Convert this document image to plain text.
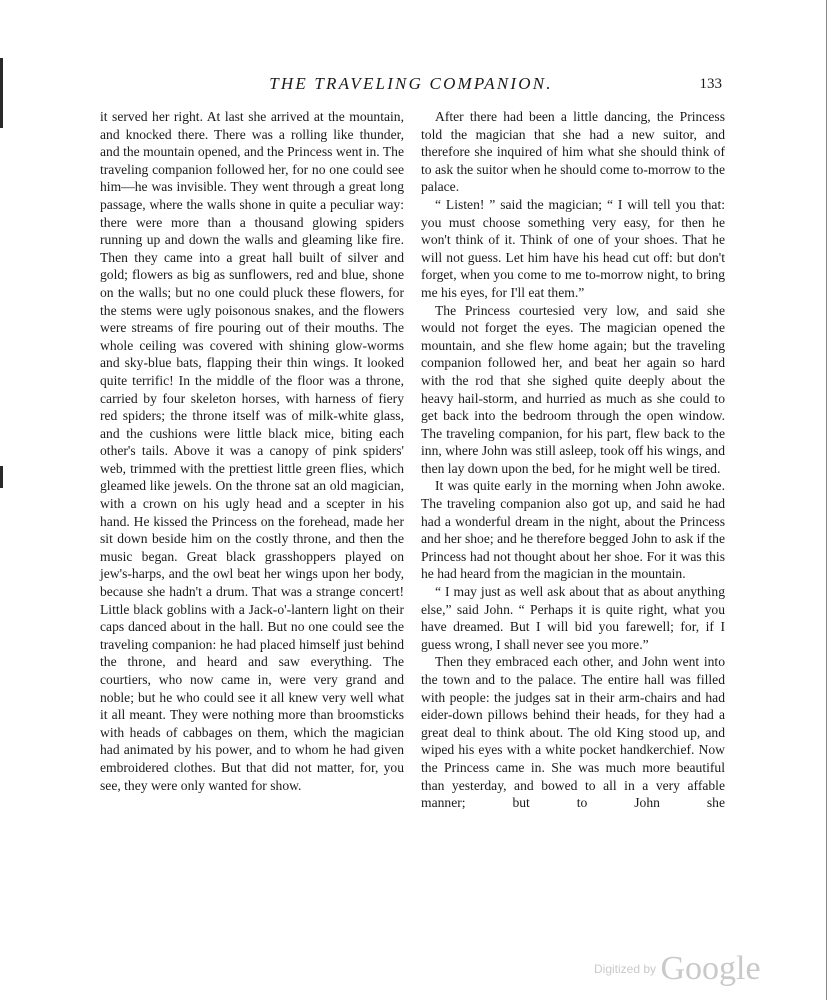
THE TRAVELING COMPANION.	133

it served her right. At last she arrived at the mountain, and knocked there. There was a rolling like thunder, and the mountain opened, and the Princess went in. The traveling companion followed her, for no one could see him—he was invisible. They went through a great long passage, where the walls shone in quite a peculiar way: there were more than a thousand glowing spiders running up and down the walls and gleaming like fire. Then they came into a great hall built of silver and gold; flowers as big as sunflowers, red and blue, shone on the walls; but no one could pluck these flowers, for the stems were ugly poisonous snakes, and the flowers were streams of fire pouring out of their mouths. The whole ceiling was covered with shining glow-worms and sky-blue bats, flapping their thin wings. It looked quite terrific! In the middle of the floor was a throne, carried by four skeleton horses, with harness of fiery red spiders; the throne itself was of milk-white glass, and the cushions were little black mice, biting each other's tails. Above it was a canopy of pink spiders' web, trimmed with the prettiest little green flies, which gleamed like jewels. On the throne sat an old magician, with a crown on his ugly head and a scepter in his hand. He kissed the Princess on the forehead, made her sit down beside him on the costly throne, and then the music began. Great black grasshoppers played on jew's-harps, and the owl beat her wings upon her body, because she hadn't a drum. That was a strange concert! Little black goblins with a Jack-o'-lantern light on their caps danced about in the hall. But no one could see the traveling companion: he had placed himself just behind the throne, and heard and saw everything. The courtiers, who now came in, were very grand and noble; but he who could see it all knew very well what it all meant. They were nothing more than broomsticks with heads of cabbages on them, which the magician had animated by his power, and to whom he had given embroidered clothes. But that did not matter, for, you see, they were only wanted for show.

After there had been a little dancing, the Princess told the magician that she had a new suitor, and therefore she inquired of him what she should think of to ask the suitor when he should come to-morrow to the palace.

“ Listen! ” said the magician; “ I will tell you that: you must choose something very easy, for then he won't think of it. Think of one of your shoes. That he will not guess. Let him have his head cut off: but don't forget, when you come to me to-morrow night, to bring me his eyes, for I'll eat them.”

The Princess courtesied very low, and said she would not forget the eyes. The magician opened the mountain, and she flew home again; but the traveling companion followed her, and beat her again so hard with the rod that she sighed quite deeply about the heavy hail-storm, and hurried as much as she could to get back into the bedroom through the open window. The traveling companion, for his part, flew back to the inn, where John was still asleep, took off his wings, and then lay down upon the bed, for he might well be tired.

It was quite early in the morning when John awoke. The traveling companion also got up, and said he had had a wonderful dream in the night, about the Princess and her shoe; and he therefore begged John to ask if the Princess had not thought about her shoe. For it was this he had heard from the magician in the mountain.

“ I may just as well ask about that as about anything else,” said John. “ Perhaps it is quite right, what you have dreamed. But I will bid you farewell; for, if I guess wrong, I shall never see you more.”

Then they embraced each other, and John went into the town and to the palace. The entire hall was filled with people: the judges sat in their arm-chairs and had eider-down pillows behind their heads, for they had a great deal to think about. The old King stood up, and wiped his eyes with a white pocket handkerchief. Now the Princess came in. She was much more beautiful than yesterday, and bowed to all in a very affable manner; but to John she

$^{Digitized by}$ Google
